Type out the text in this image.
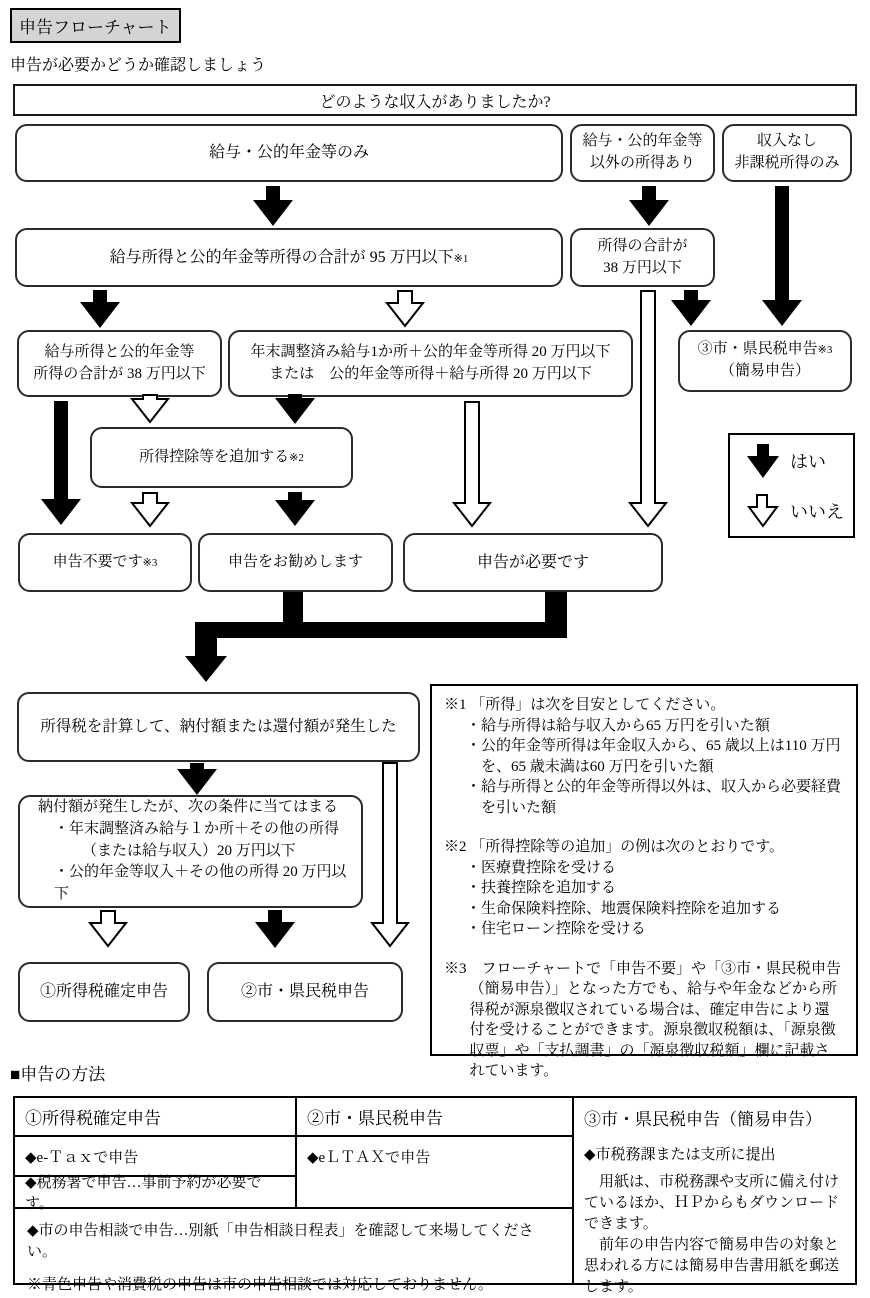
申告フローチャート
申告が必要かどうか確認しましょう
どのような収入がありましたか?
給与・公的年金等のみ
給与・公的年金等
以外の所得あり
収入なし
非課税所得のみ
給与所得と公的年金等所得の合計が 95 万円以下※1
所得の合計が
38 万円以下
給与所得と公的年金等
所得の合計が 38 万円以下
年末調整済み給与1か所＋公的年金等所得 20 万円以下
または　公的年金等所得＋給与所得 20 万円以下
③市・県民税申告※3
（簡易申告）
所得控除等を追加する※2	はい
いいえ
申告不要です※3	申告をお勧めします	申告が必要です
所得税を計算して、納付額または還付額が発生した
納付額が発生したが、次の条件に当てはまる
・年末調整済み給与１か所＋その他の所得
（または給与収入）20 万円以下
・公的年金等収入＋その他の所得 20 万円以下
①所得税確定申告	②市・県民税申告
※1 「所得」は次を目安としてください。
・給与所得は給与収入から65 万円を引いた額
・公的年金等所得は年金収入から、65 歳以上は110 万円を、65 歳未満は60 万円を引いた額
・給与所得と公的年金等所得以外は、収入から必要経費を引いた額
※2 「所得控除等の追加」の例は次のとおりです。
・医療費控除を受ける
・扶養控除を追加する
・生命保険料控除、地震保険料控除を追加する
・住宅ローン控除を受ける
※3　フローチャートで「申告不要」や「③市・県民税申告（簡易申告）」となった方でも、給与や年金などから所得税が源泉徴収されている場合は、確定申告により還付を受けることができます。源泉徴収税額は、「源泉徴収票」や「支払調書」の「源泉徴収税額」欄に記載されています。
■申告の方法
①所得税確定申告	②市・県民税申告	③市・県民税申告（簡易申告）
◆e-Ｔａｘで申告	◆eＬＴＡＸで申告
◆税務署で申告…事前予約が必要です。
◆市の申告相談で申告…別紙「申告相談日程表」を確認して来場してください。
※青色申告や消費税の申告は市の申告相談では対応しておりません。
◆市税務課または支所に提出
用紙は、市税務課や支所に備え付けているほか、ＨＰからもダウンロードできます。
前年の申告内容で簡易申告の対象と思われる方には簡易申告書用紙を郵送します。
